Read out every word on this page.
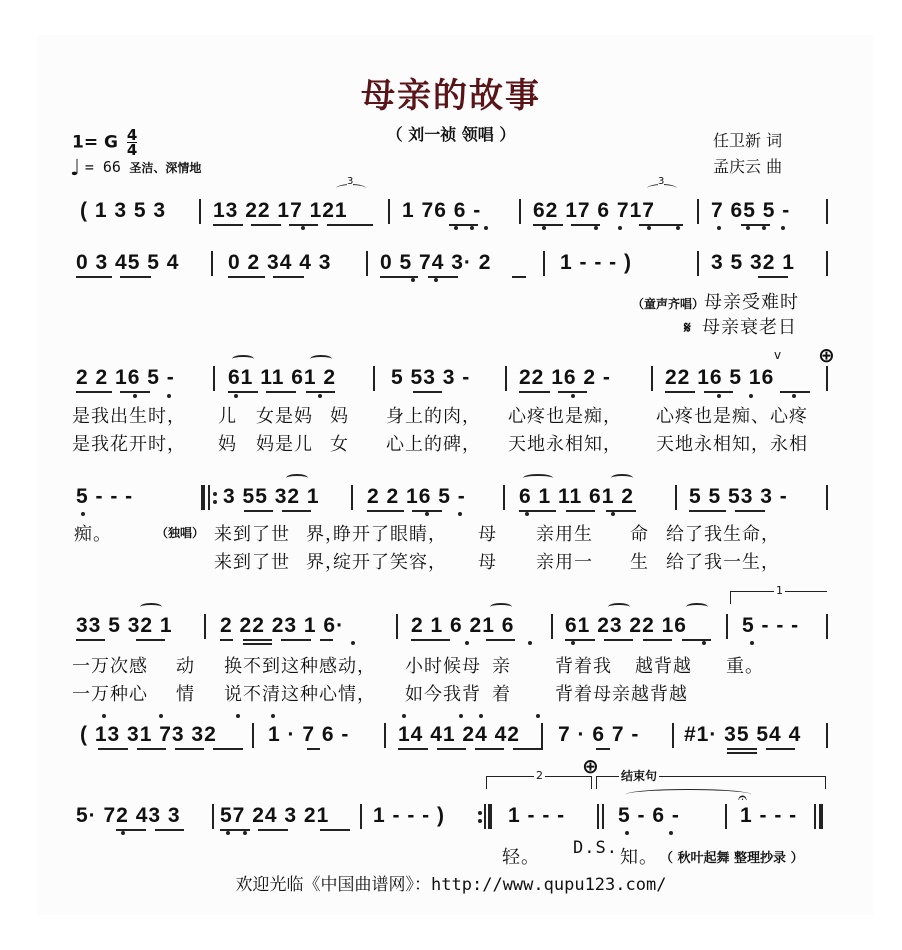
母亲的故事
（ 刘一祯 领唱 ）
1= G $\frac{4}{4}$
♩ = 66 圣洁、深情地
任卫新 词
孟庆云 曲
( 1 3 5 3 13 22 17 121	1 76 6 - 62 17 6 717	7 65 5 -
3	3
0 3 45 5 4 0 2 34 4 3 0 5 74 3· 2	1 - - - )	3 5 32 1
2 2 16 5 -	61 11 61 2	5 53 3 - 22 16 2 -	22 16 5 16
v ⊕
5 - - -	3 55 32 1 2 2 16 5 -	6 1 11 61 2	5 5 53 3 -
33 5 32 1 2 22 23 1 6·	2 1 6 21 6 61 23 22 16	5 - - -
1
( 13 31 73 32 1 · 7 6 - 14 41 24 42 7 · 6 7 - #1· 35 54 4
⊕
2	结束句
5· 72 43 3 57 24 3 21 1 - - - )	1 - - -	5 - 6 -	1 - - -
𝄐
（童声齐唱）母亲受难时
𝄋 母亲衰老日
是我出生时， 儿 女是妈 妈 身上的肉， 心疼也是痴， 心疼也是痴、心疼
是我花开时， 妈 妈是儿 女 心上的碑， 天地永相知， 天地永相知，永相
痴。	（独唱） 来到了世 界，
睁开了眼睛， 母 亲用生 命 给了我生命，
来到了世 界，
绽开了笑容， 母 亲用一 生 给了我一生，
一万次感 动 换不到这种感动， 小时候母 亲 背着我 越背越 重。
一万种心 情 说不清这种心情， 如今我背 着 背着母亲越背越
轻。 D.S. 知。 （ 秋叶起舞 整理抄录 ）
欢迎光临《中国曲谱网》：http://www.qupu123.com/
